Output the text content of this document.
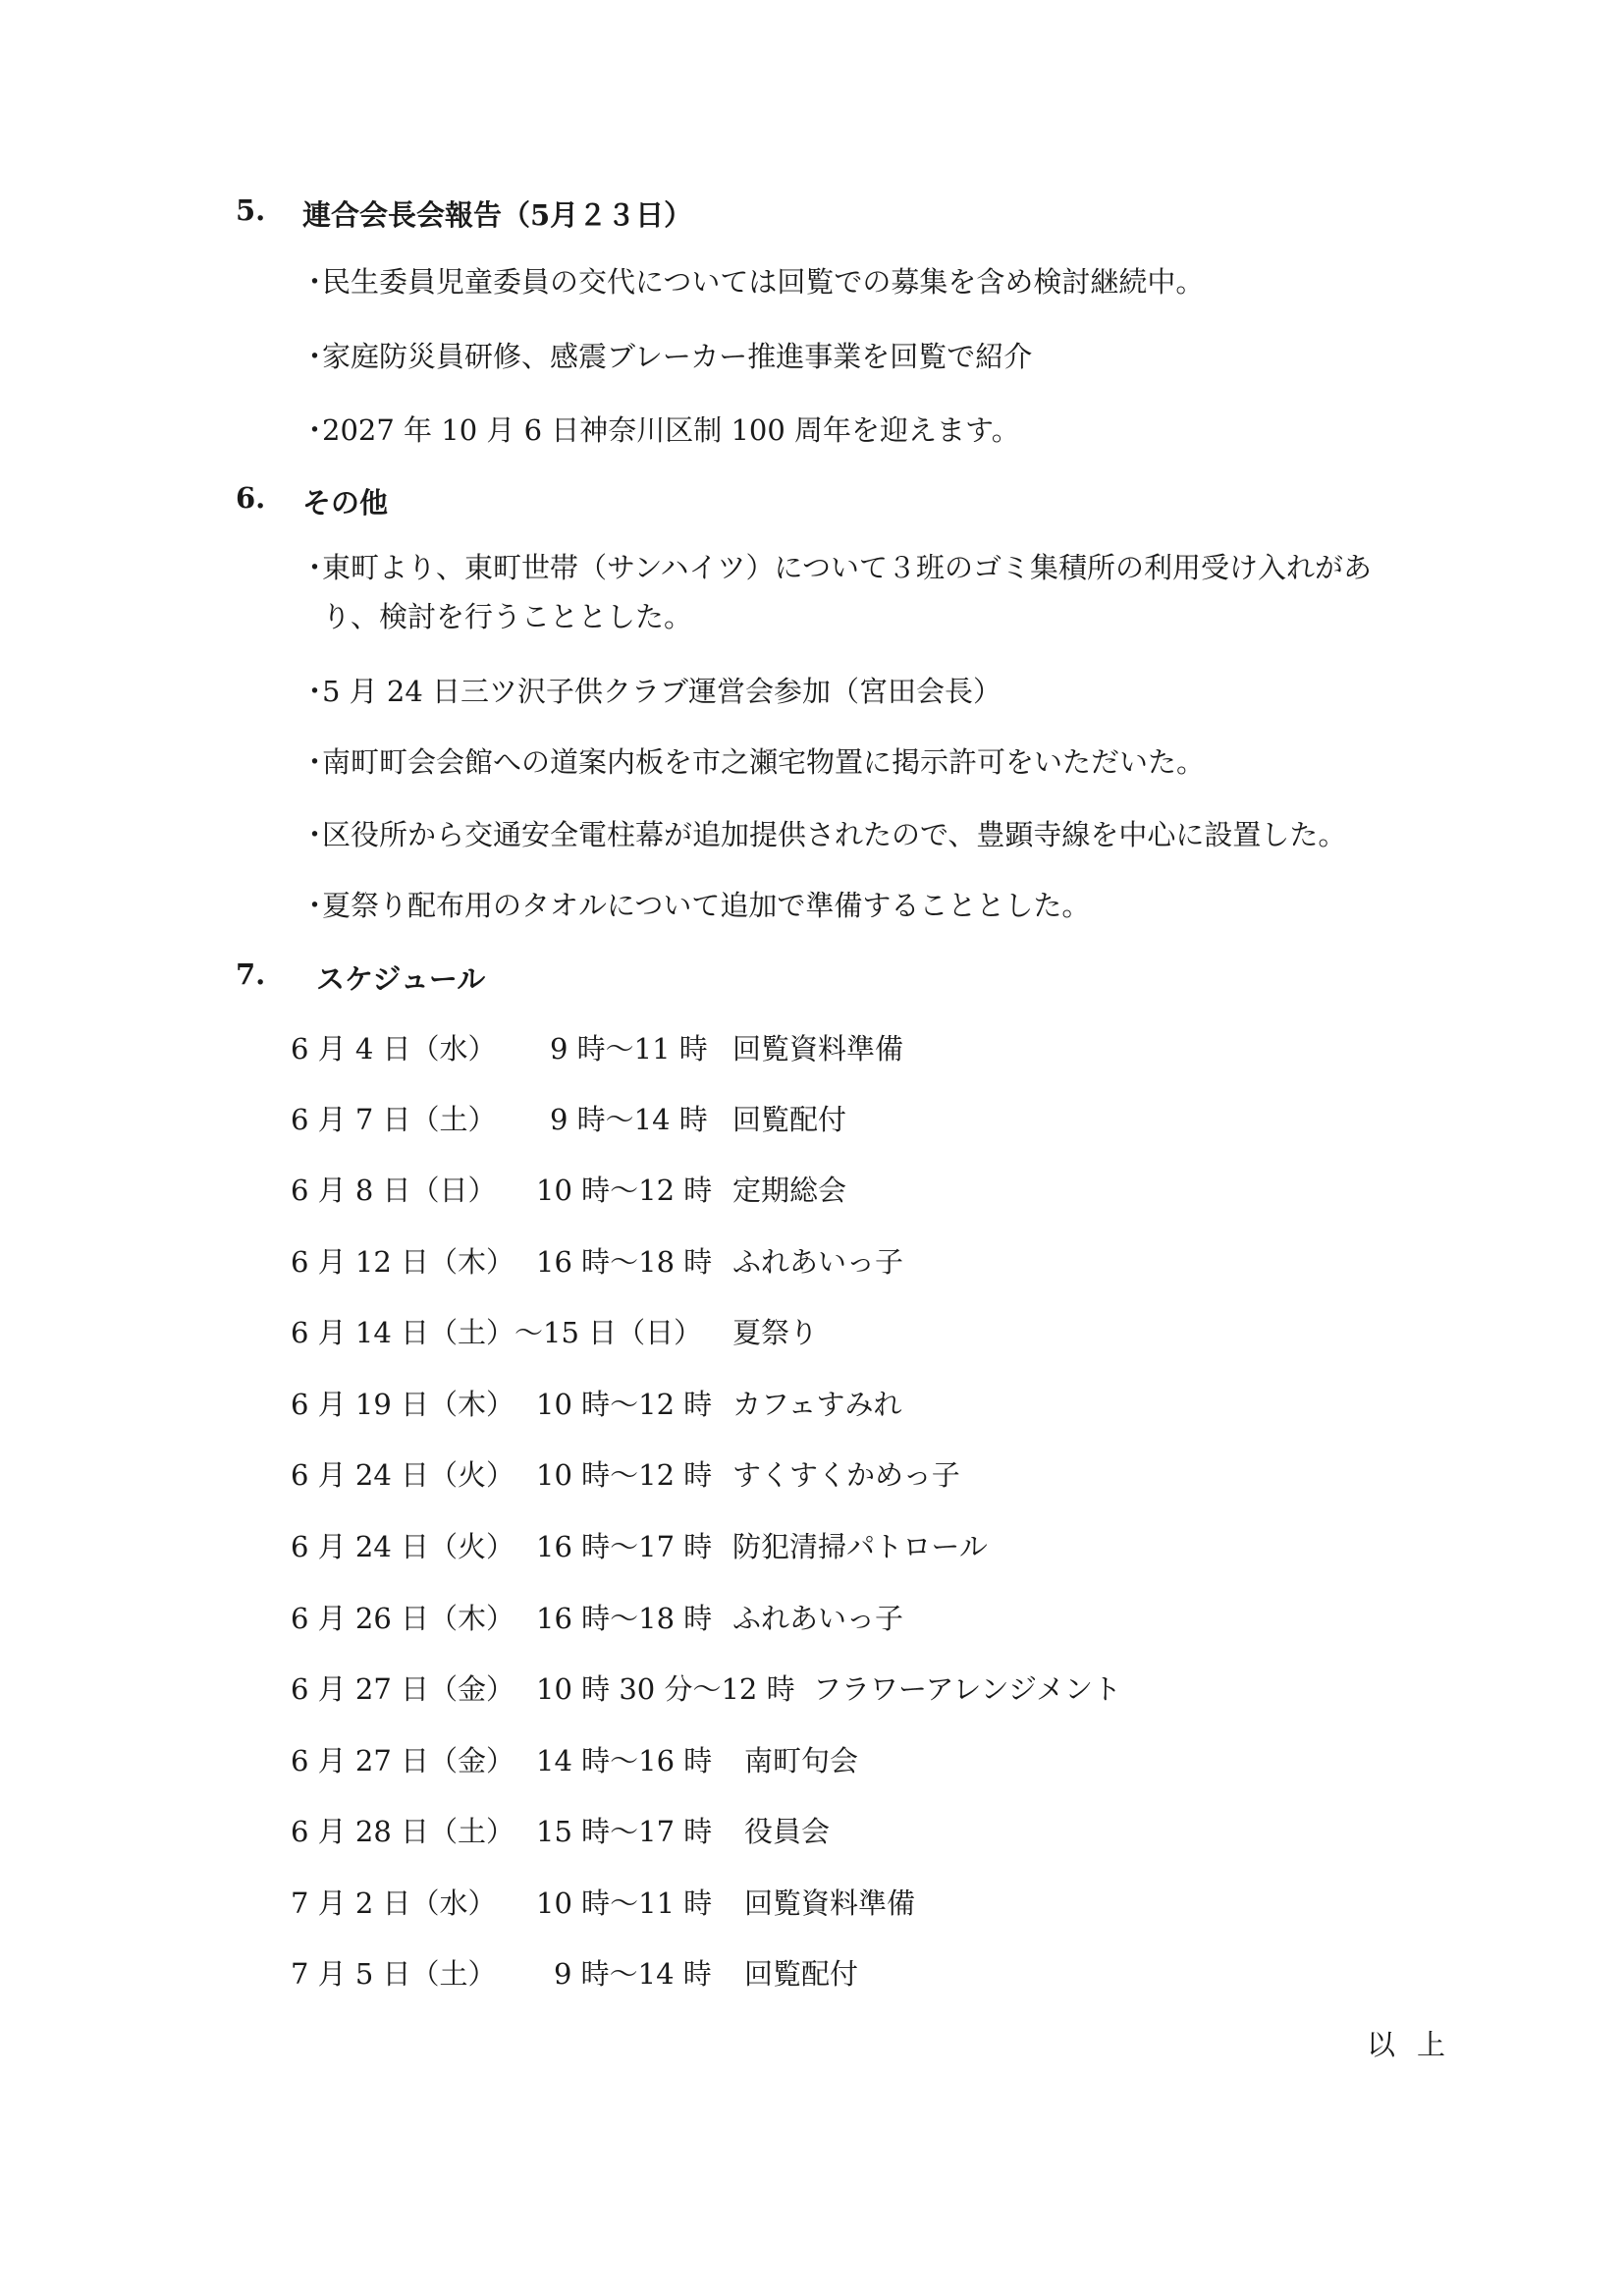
5. 連合会長会報告（5月２３日）
・
民生委員児童委員の交代については回覧での募集を含め検討継続中。
・
家庭防災員研修、感震ブレーカー推進事業を回覧で紹介
・
2027 年 10 月 6 日神奈川区制 100 周年を迎えます。
6. その他
・
東町より、東町世帯（サンハイツ）について３班のゴミ集積所の利用受け入れがあ
り、検討を行うこととした。
・
5 月 24 日三ツ沢子供クラブ運営会参加（宮田会長）
・
南町町会会館への道案内板を市之瀬宅物置に掲示許可をいただいた。
・
区役所から交通安全電柱幕が追加提供されたので、豊顕寺線を中心に設置した。
・
夏祭り配布用のタオルについて追加で準備することとした。
7. スケジュール
6 月 4 日（水） 9 時〜11 時 回覧資料準備
6 月 7 日（土） 9 時〜14 時 回覧配付
6 月 8 日（日） 10 時〜12 時 定期総会
6 月 12 日（木） 16 時〜18 時 ふれあいっ子
6 月 14 日（土）〜15 日（日） 夏祭り
6 月 19 日（木） 10 時〜12 時 カフェすみれ
6 月 24 日（火） 10 時〜12 時 すくすくかめっ子
6 月 24 日（火） 16 時〜17 時 防犯清掃パトロール
6 月 26 日（木） 16 時〜18 時 ふれあいっ子
6 月 27 日（金） 10 時 30 分〜12 時 フラワーアレンジメント
6 月 27 日（金） 14 時〜16 時 南町句会
6 月 28 日（土） 15 時〜17 時 役員会
7 月 2 日（水） 10 時〜11 時 回覧資料準備
7 月 5 日（土） 9 時〜14 時 回覧配付
以上
